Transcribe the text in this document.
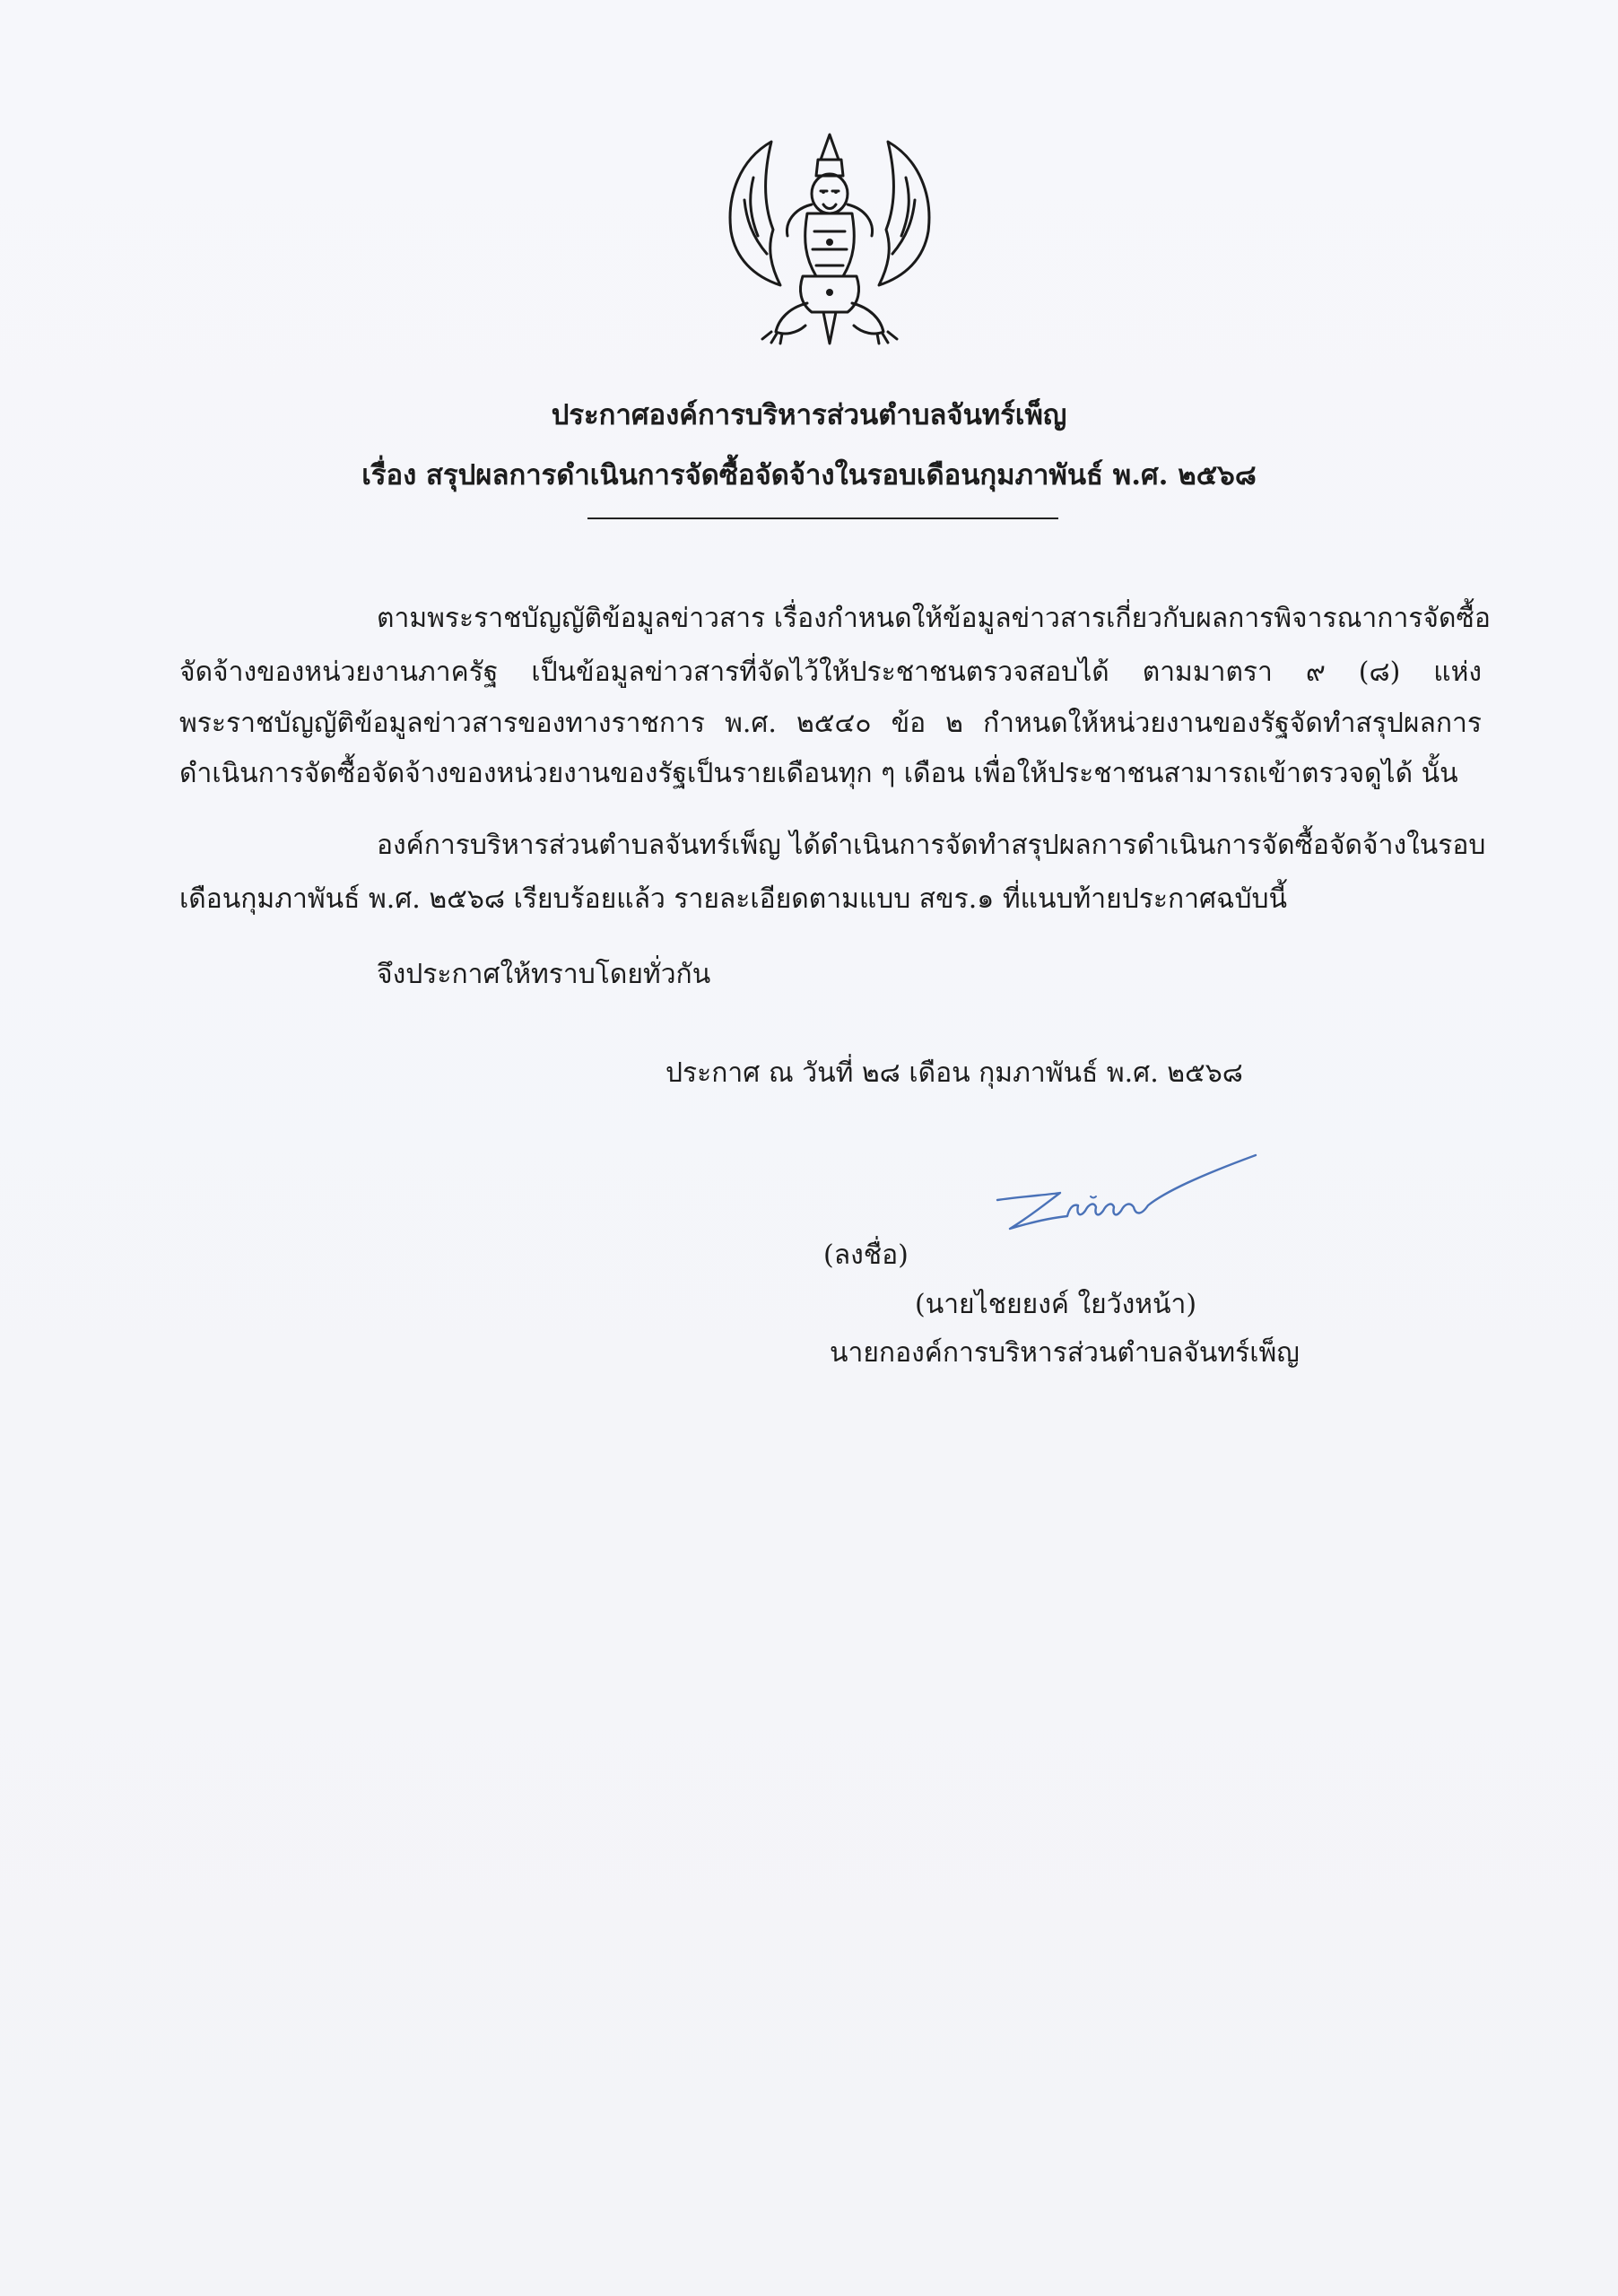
ประกาศองค์การบริหารส่วนตำบลจันทร์เพ็ญ
เรื่อง สรุปผลการดำเนินการจัดซื้อจัดจ้างในรอบเดือนกุมภาพันธ์ พ.ศ. ๒๕๖๘
ตามพระราชบัญญัติข้อมูลข่าวสาร เรื่องกำหนดให้ข้อมูลข่าวสารเกี่ยวกับผลการพิจารณาการจัดซื้อ
จัดจ้างของหน่วยงานภาครัฐ เป็นข้อมูลข่าวสารที่จัดไว้ให้ประชาชนตรวจสอบได้ ตามมาตรา ๙ (๘) แห่ง
พระราชบัญญัติข้อมูลข่าวสารของทางราชการ พ.ศ. ๒๕๔๐ ข้อ ๒ กำหนดให้หน่วยงานของรัฐจัดทำสรุปผลการ
ดำเนินการจัดซื้อจัดจ้างของหน่วยงานของรัฐเป็นรายเดือนทุก ๆ เดือน เพื่อให้ประชาชนสามารถเข้าตรวจดูได้ นั้น
องค์การบริหารส่วนตำบลจันทร์เพ็ญ ได้ดำเนินการจัดทำสรุปผลการดำเนินการจัดซื้อจัดจ้างในรอบ
เดือนกุมภาพันธ์ พ.ศ. ๒๕๖๘ เรียบร้อยแล้ว รายละเอียดตามแบบ สขร.๑ ที่แนบท้ายประกาศฉบับนี้
จึงประกาศให้ทราบโดยทั่วกัน
ประกาศ ณ วันที่ ๒๘ เดือน กุมภาพันธ์ พ.ศ. ๒๕๖๘
(ลงชื่อ)
(นายไชยยงค์ ใยวังหน้า)
นายกองค์การบริหารส่วนตำบลจันทร์เพ็ญ
